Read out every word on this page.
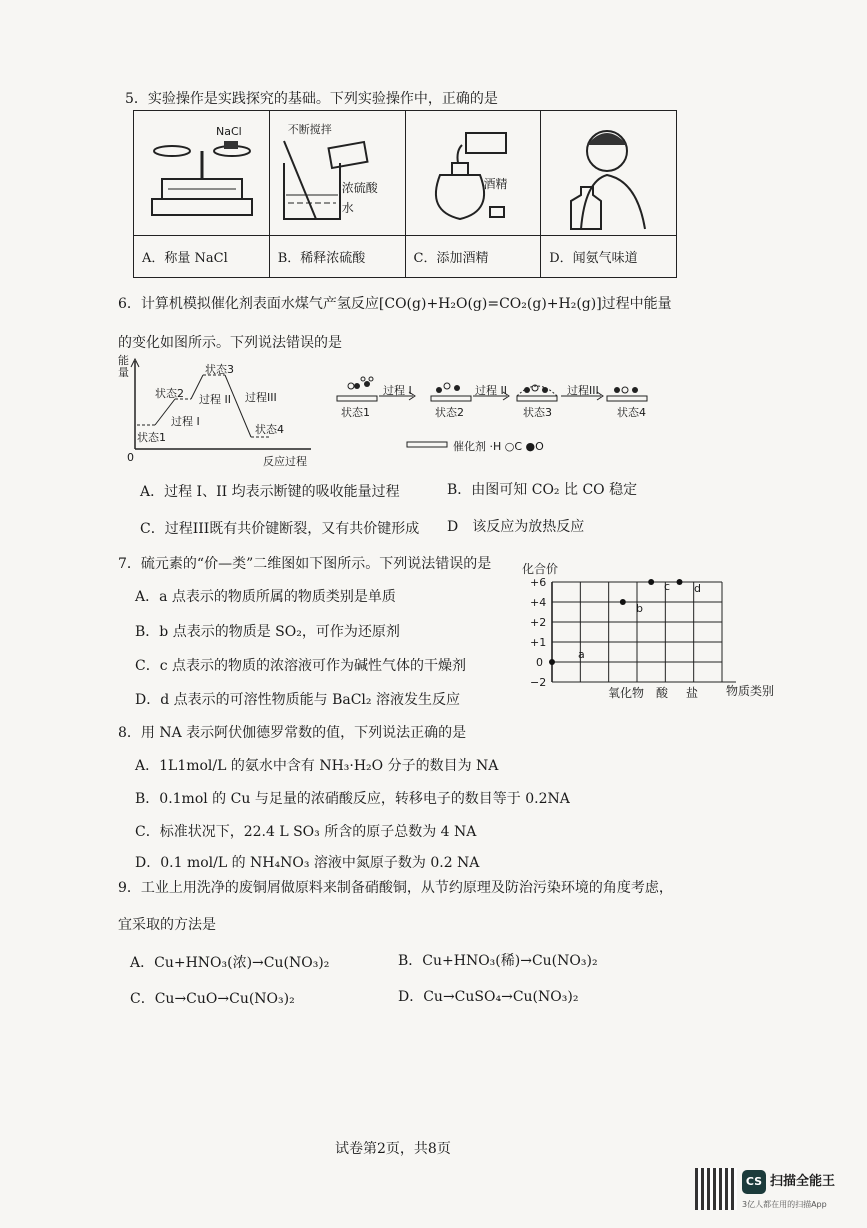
5．实验操作是实践探究的基础。下列实验操作中，正确的是
NaCl	不断搅拌
浓硫酸
水	酒精

A．称量 NaCl	B．稀释浓硫酸	C．添加酒精	D．闻氨气味道
6．计算机模拟催化剂表面水煤气产氢反应[CO(g)+H₂O(g)=CO₂(g)+H₂(g)]过程中能量
的变化如图所示。下列说法错误的是
能量
0	反应过程
状态1
状态2
状态3
状态4
过程 I
过程 II 过程III
状态1
过程 I
状态2
过程 II
状态3
过程III
状态4
催化剂 ·H ○C ●O
A．过程 I、II 均表示断键的吸收能量过程	B．由图可知 CO₂ 比 CO 稳定
C．过程III既有共价键断裂，又有共价键形成 D　该反应为放热反应
7．硫元素的“价—类”二维图如下图所示。下列说法错误的是
A．a 点表示的物质所属的物质类别是单质
B．b 点表示的物质是 SO₂，可作为还原剂
C．c 点表示的物质的浓溶液可作为碱性气体的干燥剂
D．d 点表示的可溶性物质能与 BaCl₂ 溶液发生反应
化合价
物质类别
+6
+4
+2
+1
0
−2
氧化物 酸 盐
a
b
c d
8．用 NA 表示阿伏伽德罗常数的值，下列说法正确的是
A．1L1mol/L 的氨水中含有 NH₃·H₂O 分子的数目为 NA
B．0.1mol 的 Cu 与足量的浓硝酸反应，转移电子的数目等于 0.2NA
C．标准状况下，22.4 L SO₃ 所含的原子总数为 4 NA
D．0.1 mol/L 的 NH₄NO₃ 溶液中氮原子数为 0.2 NA
9．工业上用洗净的废铜屑做原料来制备硝酸铜，从节约原理及防治污染环境的角度考虑，
宜采取的方法是
A．Cu+HNO₃(浓)→Cu(NO₃)₂	B．Cu+HNO₃(稀)→Cu(NO₃)₂
C．Cu→CuO→Cu(NO₃)₂	D．Cu→CuSO₄→Cu(NO₃)₂
试卷第2页，共8页
CS 扫描全能王
3亿人都在用的扫描App
